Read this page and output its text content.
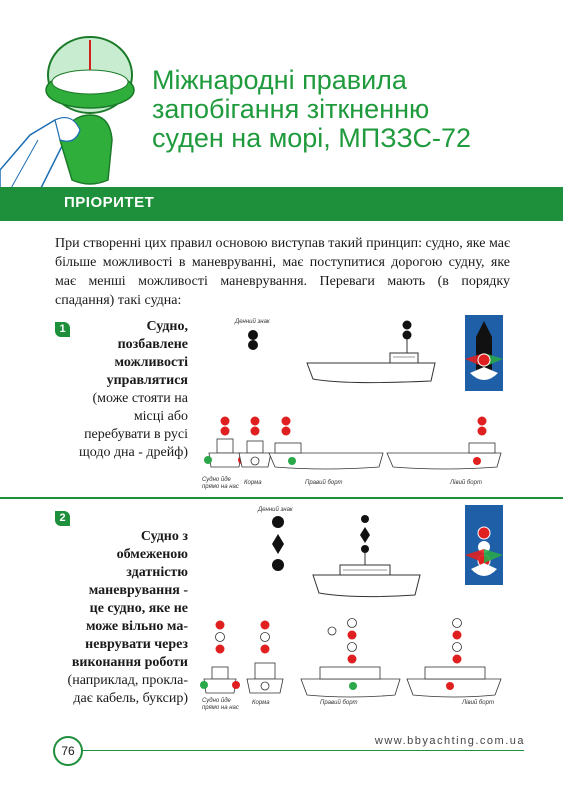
Міжнародні правила
запобігання зіткненню
суден на морі, МПЗЗС-72
ПРІОРИТЕТ
При створенні цих правил основою виступав такий принцип: судно, яке має більше можливості в маневруванні, має поступитися дорогою судну, яке має менші можливості маневрування. Переваги мають (в порядку спадання) такі судна:
1	Судно,
позбавлене
можливості
управлятися
(може стояти на
місці або
перебувати в русі
щодо дна - дрейф)
Денний знак
Судно йде прямо на нас
Корма	Правий борт	Лівий борт
2
Судно з
обмеженою
здатністю
маневрування -
це судно, яке не
може вільно ма-
неврувати через
виконання роботи
(наприклад, проклa-
дає кабель, буксир)
Денний знак
Судно йде прямо на нас
Корма	Правий борт	Лівий борт
www.bbyachting.com.ua
76
